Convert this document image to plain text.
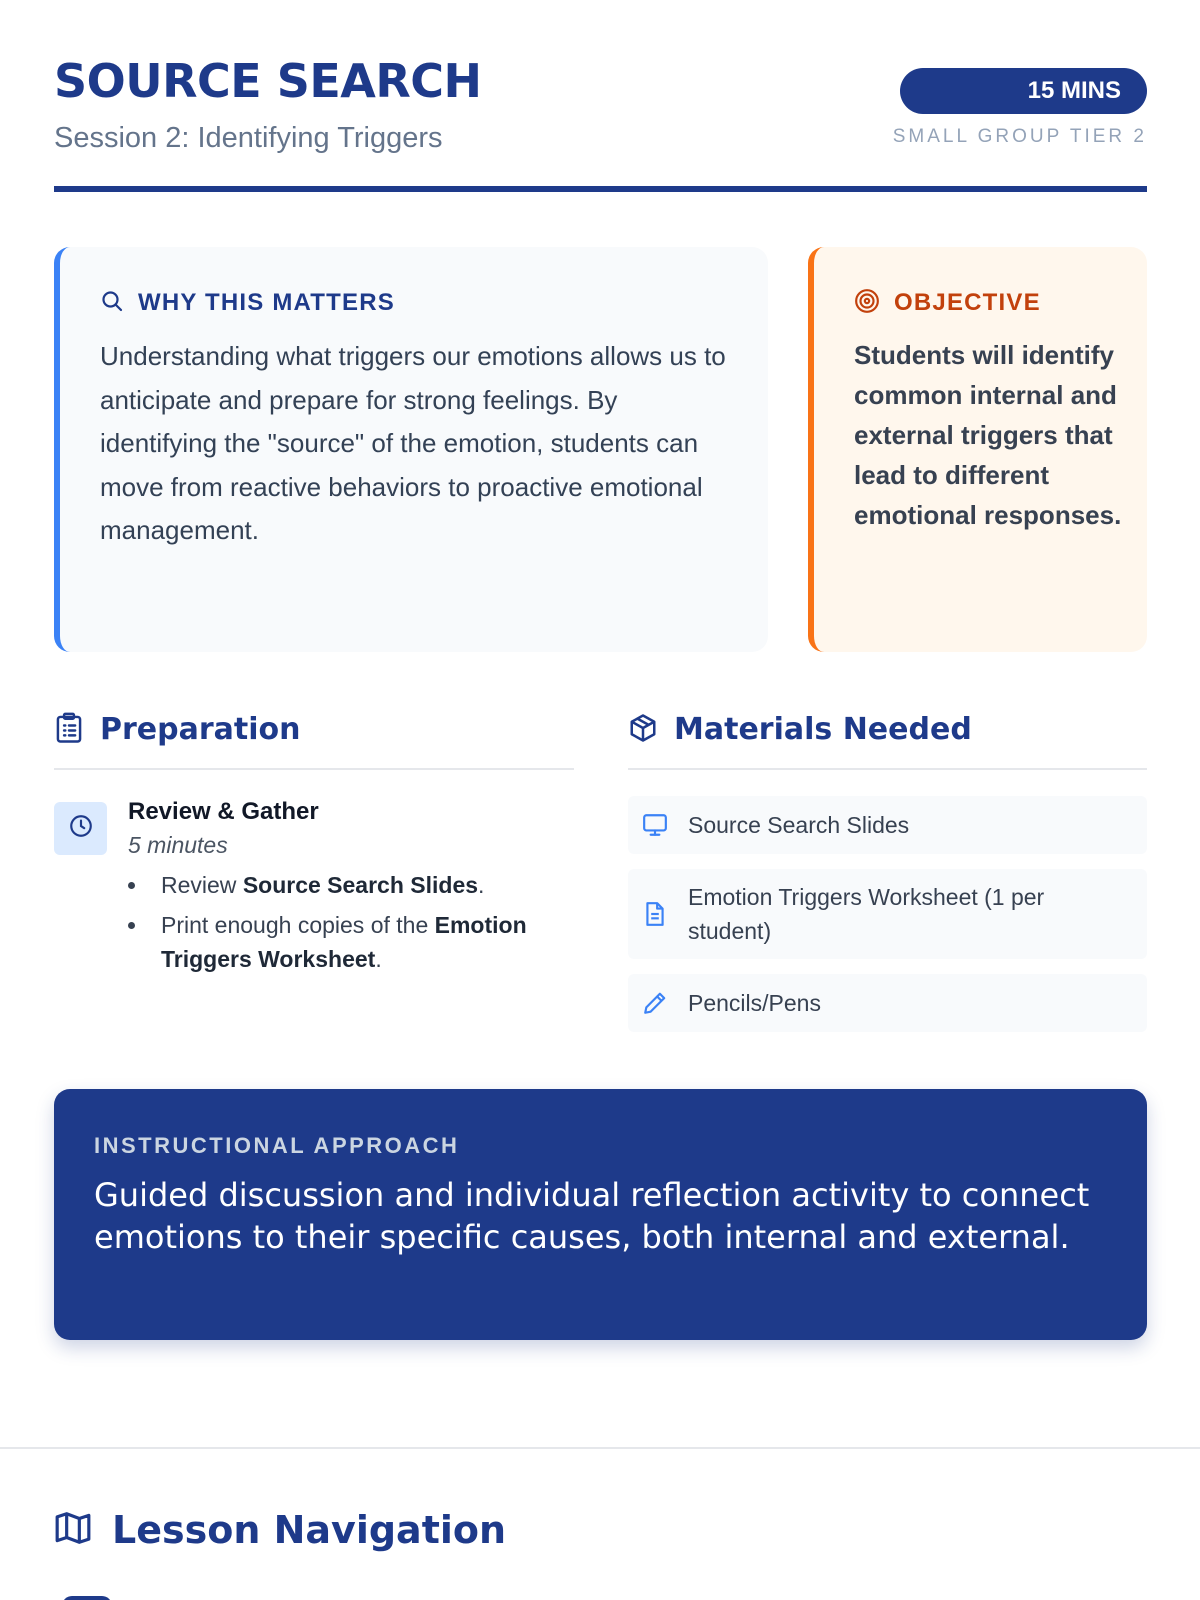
SOURCE SEARCH
Session 2: Identifying Triggers
15 MINS
SMALL GROUP TIER 2
WHY THIS MATTERS

Understanding what triggers our emotions allows us to anticipate and prepare for strong feelings. By identifying the "source" of the emotion, students can move from reactive behaviors to proactive emotional management.

OBJECTIVE

Students will identify common internal and external triggers that lead to different emotional responses.

Preparation	Materials Needed
Review & Gather
5 minutes
Review Source Search Slides.
Print enough copies of the Emotion Triggers Worksheet.
Source Search Slides
Emotion Triggers Worksheet (1 per student)
Pencils/Pens
INSTRUCTIONAL APPROACH

Guided discussion and individual reflection activity to connect emotions to their specific causes, both internal and external.

Lesson Navigation
